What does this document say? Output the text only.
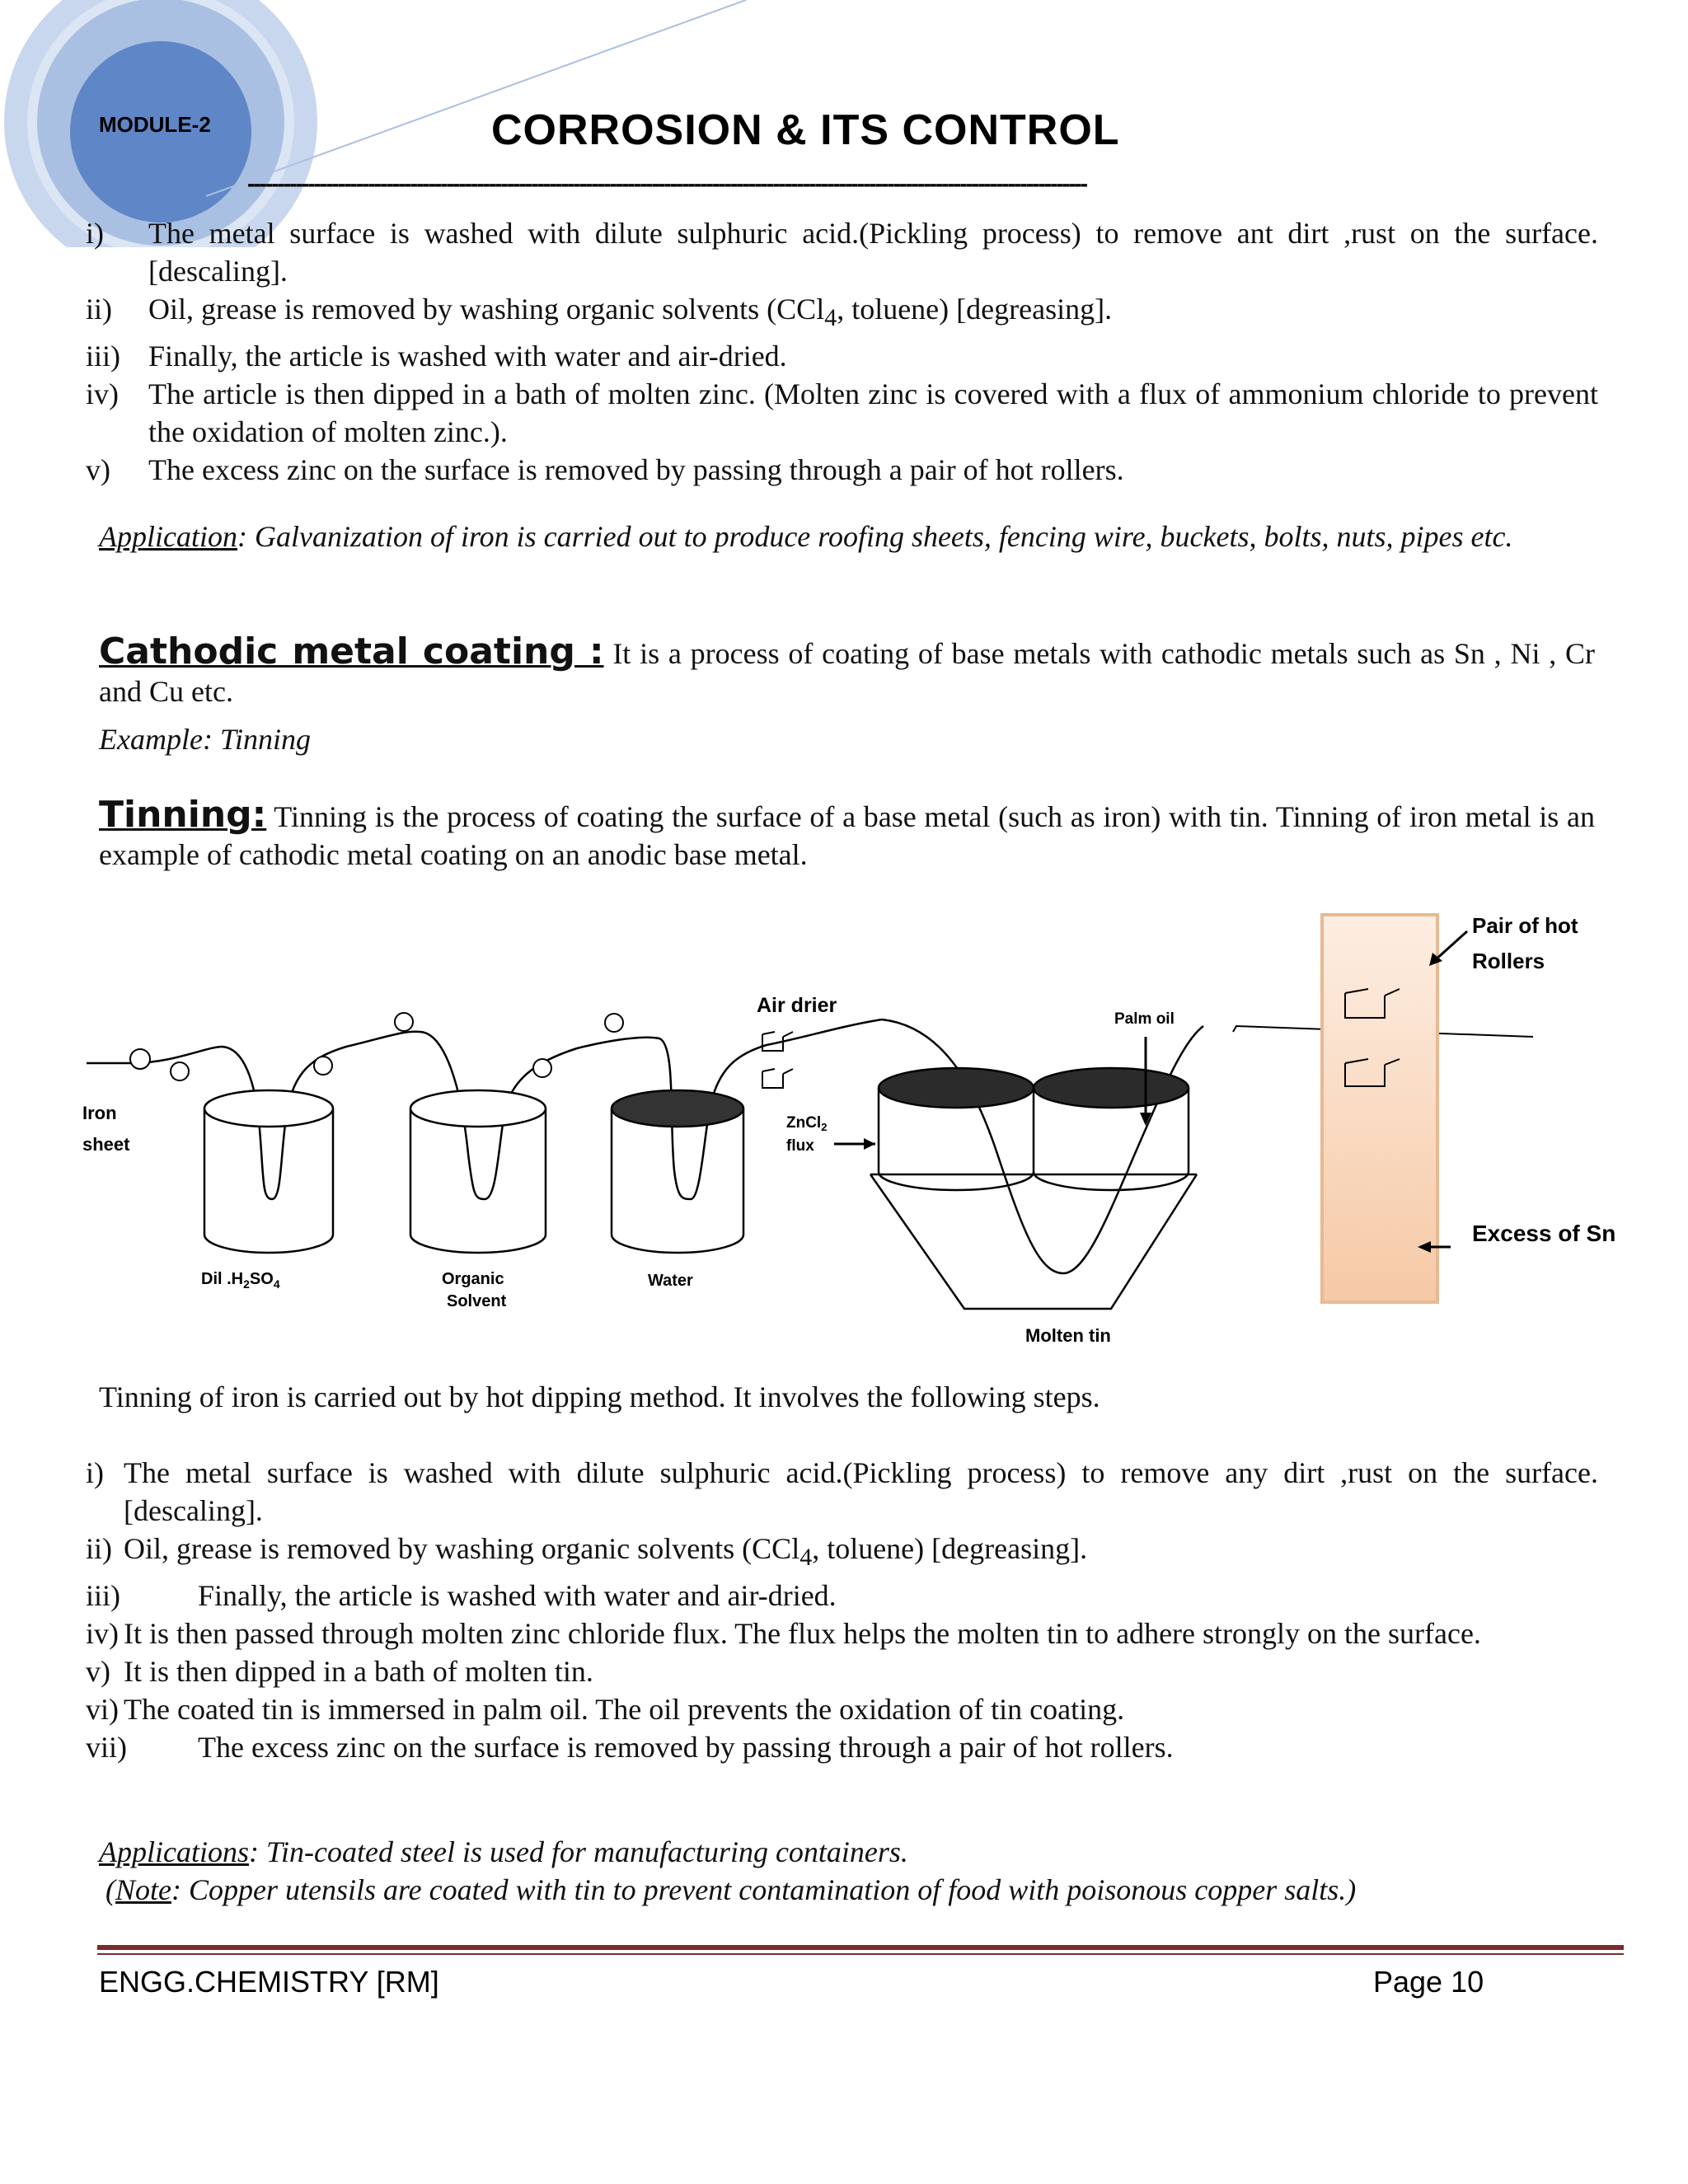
MODULE-2	CORROSION & ITS CONTROL
-------------------------------------------------------------------------------------------------------------------------------------------
i) The metal surface is washed with dilute sulphuric acid.(Pickling process) to remove ant dirt ,rust on the surface. [descaling].
ii) Oil, grease is removed by washing organic solvents (CCl$_4$, toluene) [degreasing].
iii) Finally, the article is washed with water and air-dried.
iv) The article is then dipped in a bath of molten zinc. (Molten zinc is covered with a flux of ammonium chloride to prevent the oxidation of molten zinc.).
v) The excess zinc on the surface is removed by passing through a pair of hot rollers.
Application: Galvanization of iron is carried out to produce roofing sheets, fencing wire, buckets, bolts, nuts, pipes etc.
Cathodic metal coating : It is a process of coating of base metals with cathodic metals such as Sn , Ni , Cr and Cu etc.
Example: Tinning
Tinning: Tinning is the process of coating the surface of a base metal (such as iron) with tin. Tinning of iron metal is an example of cathodic metal coating on an anodic base metal.
Iron
sheet
Dil $.H_2SO_4$	Organic
Solvent
Water
Air drier
ZnCl$_2$
flux
Palm oil
Molten tin
Pair of hot
Rollers
Excess of Sn
Tinning of iron is carried out by hot dipping method. It involves the following steps.
i) The metal surface is washed with dilute sulphuric acid.(Pickling process) to remove any dirt ,rust on the surface. [descaling].
ii) Oil, grease is removed by washing organic solvents (CCl$_4$, toluene) [degreasing].
iii)	Finally, the article is washed with water and air-dried.
iv) It is then passed through molten zinc chloride flux. The flux helps the molten tin to adhere strongly on the surface.
v) It is then dipped in a bath of molten tin.
vi) The coated tin is immersed in palm oil. The oil prevents the oxidation of tin coating.
vii) The excess zinc on the surface is removed by passing through a pair of hot rollers.
Applications: Tin-coated steel is used for manufacturing containers.
(Note: Copper utensils are coated with tin to prevent contamination of food with poisonous copper salts.)
ENGG.CHEMISTRY [RM]	Page 10
